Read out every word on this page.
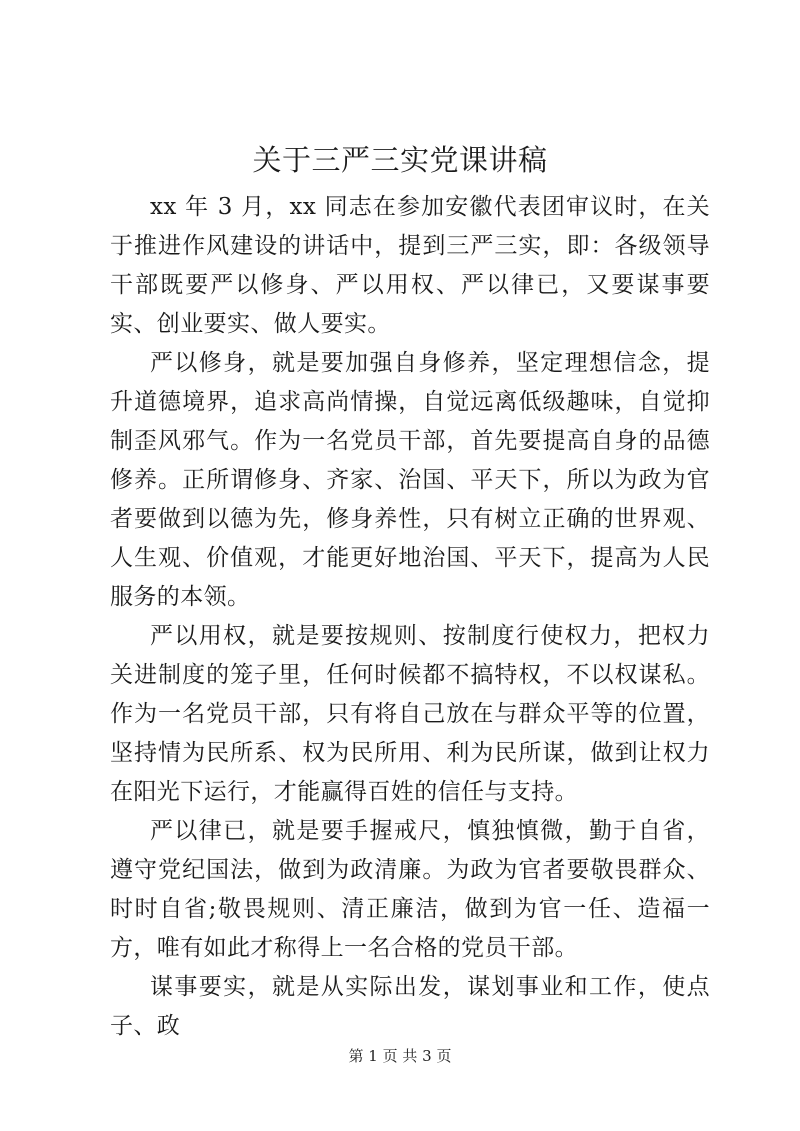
关于三严三实党课讲稿

xx 年 3 月，xx 同志在参加安徽代表团审议时，在关于推进作风建设的讲话中，提到三严三实，即：各级领导干部既要严以修身、严以用权、严以律已，又要谋事要实、创业要实、做人要实。

严以修身，就是要加强自身修养，坚定理想信念，提升道德境界，追求高尚情操，自觉远离低级趣味，自觉抑制歪风邪气。作为一名党员干部，首先要提高自身的品德修养。正所谓修身、齐家、治国、平天下，所以为政为官者要做到以德为先，修身养性，只有树立正确的世界观、人生观、价值观，才能更好地治国、平天下，提高为人民服务的本领。

严以用权，就是要按规则、按制度行使权力，把权力关进制度的笼子里，任何时候都不搞特权，不以权谋私。作为一名党员干部，只有将自己放在与群众平等的位置，坚持情为民所系、权为民所用、利为民所谋，做到让权力在阳光下运行，才能赢得百姓的信任与支持。

严以律已，就是要手握戒尺，慎独慎微，勤于自省，遵守党纪国法，做到为政清廉。为政为官者要敬畏群众、时时自省;敬畏规则、清正廉洁，做到为官一任、造福一方，唯有如此才称得上一名合格的党员干部。

谋事要实，就是从实际出发，谋划事业和工作，使点子、政

第 1 页 共 3 页
